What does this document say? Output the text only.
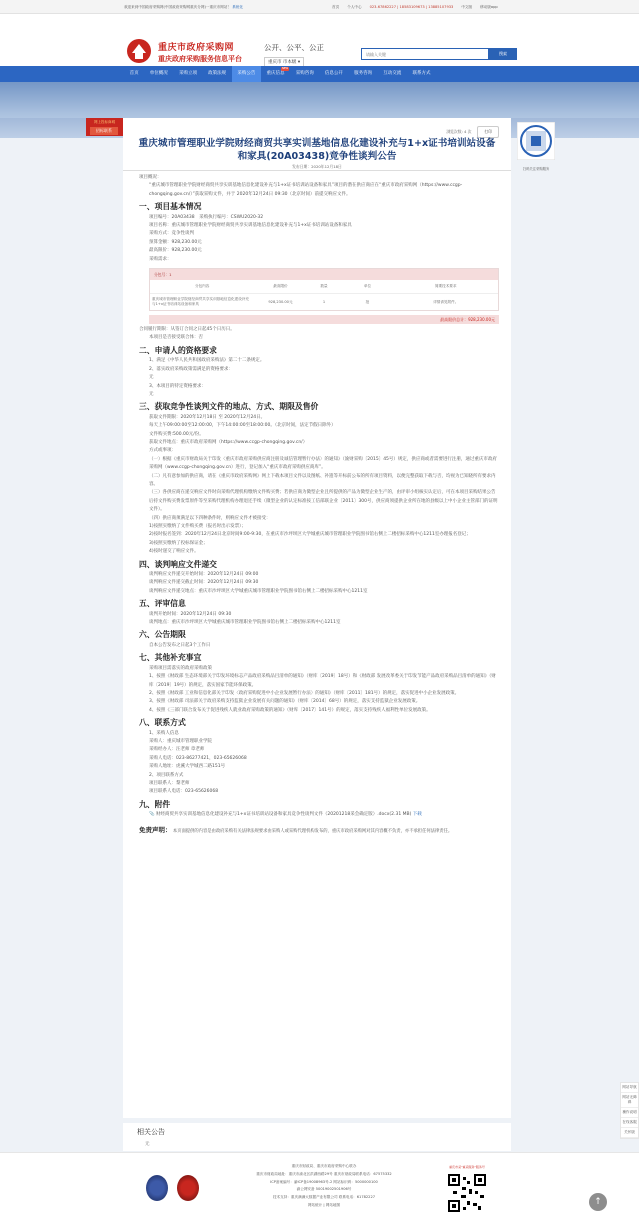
欢迎来到中国政府采购网(中国政府采购网重庆分网)一重庆市网站！ 系统化	首页 个人中心 023-67862227 | 18583109673 | 13885107933 中文版 移动版app
重庆市政府采购网
重庆政府采购服务信息平台
公开、公平、公正
重庆市 市本级 ▾
请输入关键
搜索
首页	单位概况	采购立项	政策法规	采购公告	重庆信息
NEW
采购咨询	信息公开	服务咨询	互动交流	联系方式
网上投标商城
招标联系
扫码关注采购服务
浏览次数: 4 次	打印
重庆城市管理职业学院财经商贸共享实训基地信息化建设补充与1+x证书培训站设备和家具(20A03438)竞争性谈判公告
发布日期：2020年12月18日

项目概况：

“重庆城市管理职业学院财经商贸共享实训基地信息化建设补充与1+x证书培训站设备和家具”项目的潜在供应商应在“重庆市政府采购网（https://www.ccgp-chongqing.gov.cn/）”获取采购文件，并于 2020年12月24日 09:30（北京时间）前提交响应文件。

一、项目基本情况

项目编号：20A03438　采购执行编号：CSWU2020-32

项目名称：重庆城市管理职业学院财经商贸共享实训基地信息化建设补充与1+x证书培训站设备和家具

采购方式：竞争性谈判

预算金额：928,230.00元

最高限价：928,230.00元

采购需求：

分包号：1
分包内容	最高限价	数量	单位	简要技术要求
重庆城市管理职业学院财经商贸共享实训基地信息化建设补充与1+x证书培训站设备和家具	928,230.00元	1	批	详情请见附件。
最高限价总计：928,230.00元

合同履行期限：从签订合同之日起45个日历日。

本项目是否接受联合体：否

二、申请人的资格要求

1、满足《中华人民共和国政府采购法》第二十二条规定。

2、落实政府采购政策需满足的资格要求：

无

3、本项目的特定资格要求：

无

三、获取竞争性谈判文件的地点、方式、期限及售价

获取文件期限：2020年12月18日 至 2020年12月24日。

每天上午09:00:00至12:00:00，下午14:00:00至18:00:00。（北京时间，法定节假日除外）

文件购买费:500.00元/份。

获取文件地点：重庆市政府采购网（https://www.ccgp-chongqing.gov.cn/）

方式或事项：

（一）根据《重庆市财政局关于印发〈重庆市政府采购供应商注册及诚信管理暂行办法〉的通知》（渝财采购〔2015〕45号）规定，供应商或者需要进行注册，通过重庆市政府采购网（www.ccgp-chongqing.gov.cn）进行，登记加入“重庆市政府采购供应商库”。

（二）凡有意参加的供应商，请在《重庆市政府采购网》网上下载本项目文件以及图纸、补遗等开标前公布的所有项目资料，以便完整获取下载与否，均视为已知晓所有要求内容。

（三）各供应商在递交响应文件时向采购代理机构缴纳文件购买费；若供应商为微型企业且所提供的产品为微型企业生产的，由评审小组核实认定后，可在本项目采购结果公告后持文件购买费发票原件等至采购代理机构办理退还手续（微型企业的认定标准按工信部联企业〔2011〕300号，供应商须提供企业所在地的县级以上中小企业主管部门的证明文件）。

（四）供应商须满足以下四种条件时，则响应文件才被接受：

1)按照实缴纳了文件购买费（报名时出示发票）；

2)按时报名签到：2020年12月24日北京时间9:00-9:30，在重庆市沙坪坝区大学城重庆城市管理职业学院图书馆右侧上二楼招标采购中心1211室办理报名登记；

3)按照实缴纳了投标保证金；

4)按时递交了响应文件。

四、谈判响应文件递交

谈判响应文件递交开始时间：2020年12月24日 09:00

谈判响应文件递交截止时间：2020年12月24日 09:30

谈判响应文件递交地点：重庆市沙坪坝区大学城重庆城市管理职业学院图书馆右侧上二楼招标采购中心1211室

五、评审信息

谈判开始时间：2020年12月24日 09:30

谈判地点：重庆市沙坪坝区大学城重庆城市管理职业学院图书馆右侧上二楼招标采购中心1211室

六、公告期限

自本公告发布之日起3个工作日

七、其他补充事宜

采购项目需落实的政府采购政策

1、按照《财政部 生态环境部关于印发环境标志产品政府采购品目清单的通知》（财库〔2019〕18号）和《财政部 发展改革委关于印发节能产品政府采购品目清单的通知》（财库〔2019〕19号）的规定，落实国家节能环保政策。

2、按照《财政部 工业和信息化部关于印发〈政府采购促进中小企业发展暂行办法〉的通知》（财库〔2011〕181号）的规定，落实促进中小企业发展政策。

3、按照《财政部 司法部关于政府采购支持监狱企业发展有关问题的通知》（财库〔2014〕68号）的规定，落实支持监狱企业发展政策。

4、按照《三部门联合发布关于促进残疾人就业政府采购政策的通知》（财库〔2017〕141号）的规定，落实支持残疾人福利性单位发展政策。

八、联系方式

1、采购人信息

采购人：重庆城市管理职业学院

采购经办人：汪老师 章老师

采购人电话：023-86277421，023-65626068

采购人地址：虎溪大学城西二路151号

2、项目联系方式

项目联系人：黎老师

项目联系人电话：023-65626068

九、附件

📎 财经商贸共享实训基地信息化建设补充与1+x证书培训站设备和家具竞争性谈判文件（20201218采会确定版）.docx(2.31 MB) 下载

免责声明： 本页面提供的内容是由政府采购有关法律法规要求由采购人或采购代理机构发布的，重庆市政府采购网对其内容概不负责，亦不承担任何法律责任。
相关公告
无
网站导航
网站无障碍
操作说明
在线客服
关怀版
重庆市财政局、重庆市政府采购中心联办
重庆市财政局地址：重庆市渝北区洪湖西路29号 重庆市财政局联系电话：67575332
ICP备案编号：渝ICP备19008963号-2 网站标识码：5000000100
渝公网安备 50019002501906号
技术支持：重庆满满大数据产业有限公司 联系电话：61782227
网站统计 | 网站地图
重庆市采"重采服务"服务号
↑
